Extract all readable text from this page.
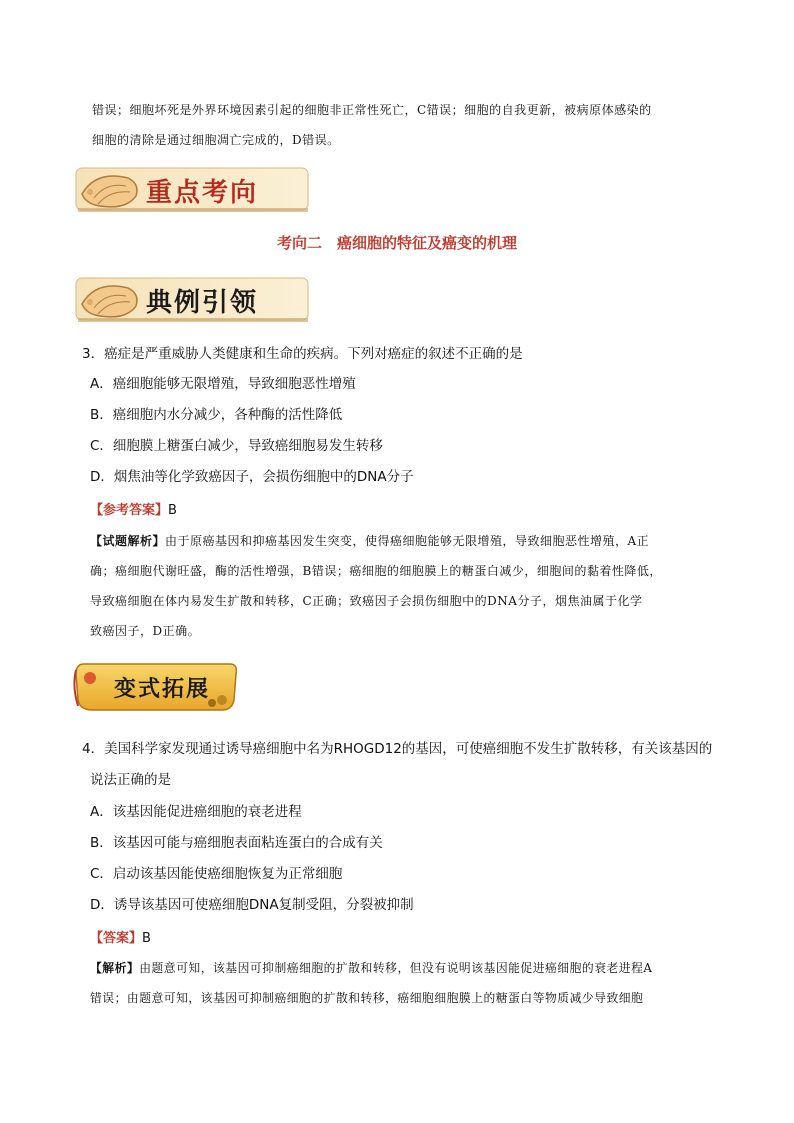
错误；细胞坏死是外界环境因素引起的细胞非正常性死亡，C错误；细胞的自我更新，被病原体感染的
细胞的清除是通过细胞凋亡完成的，D错误。
重点考向
考向二　癌细胞的特征及癌变的机理
典例引领
3．癌症是严重威胁人类健康和生命的疾病。下列对癌症的叙述不正确的是
A．癌细胞能够无限增殖，导致细胞恶性增殖
B．癌细胞内水分减少，各种酶的活性降低
C．细胞膜上糖蛋白减少，导致癌细胞易发生转移
D．烟焦油等化学致癌因子，会损伤细胞中的DNA分子
【参考答案】B
【试题解析】由于原癌基因和抑癌基因发生突变，使得癌细胞能够无限增殖，导致细胞恶性增殖，A正
确；癌细胞代谢旺盛，酶的活性增强，B错误；癌细胞的细胞膜上的糖蛋白减少，细胞间的黏着性降低，
导致癌细胞在体内易发生扩散和转移，C正确；致癌因子会损伤细胞中的DNA分子，烟焦油属于化学
致癌因子，D正确。
变式拓展
4．美国科学家发现通过诱导癌细胞中名为RHOGD12的基因，可使癌细胞不发生扩散转移，有关该基因的
说法正确的是
A．该基因能促进癌细胞的衰老进程
B．该基因可能与癌细胞表面粘连蛋白的合成有关
C．启动该基因能使癌细胞恢复为正常细胞
D．诱导该基因可使癌细胞DNA复制受阻，分裂被抑制
【答案】B
【解析】由题意可知，该基因可抑制癌细胞的扩散和转移，但没有说明该基因能促进癌细胞的衰老进程A
错误；由题意可知，该基因可抑制癌细胞的扩散和转移，癌细胞细胞膜上的糖蛋白等物质减少导致细胞
